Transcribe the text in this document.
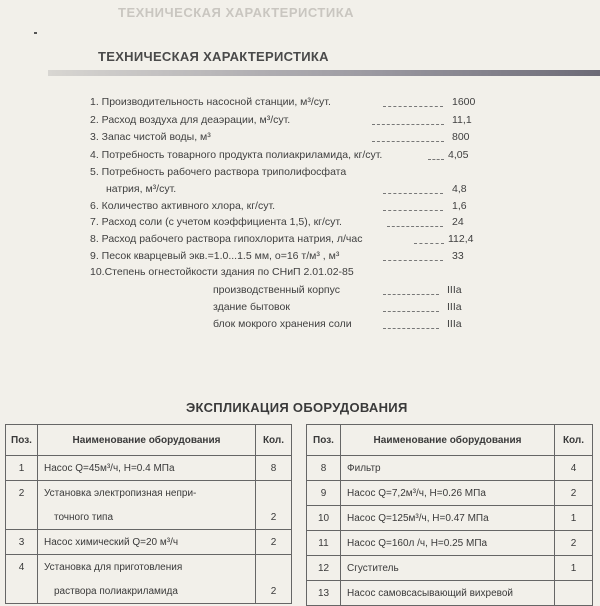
ТЕХНИЧЕСКАЯ ХАРАКТЕРИСТИКА
ТЕХНИЧЕСКАЯ ХАРАКТЕРИСТИКА
1. Производительность насосной станции, м³/сут.	1600
2. Расход воздуха для деаэрации, м³/сут.	11,1
3. Запас чистой воды, м³	800
4. Потребность товарного продукта полиакриламида, кг/сут.	4,05
5. Потребность рабочего раствора триполифосфата
натрия, м³/сут.	4,8
6. Количество активного хлора, кг/сут.	1,6
7. Расход соли (с учетом коэффициента 1,5), кг/сут.	24
8. Расход рабочего раствора гипохлорита натрия, л/час	112,4
9. Песок кварцевый экв.=1.0...1.5 мм, о=16 т/м³ , м³	33
10.Степень огнестойкости здания по СНиП 2.01.02-85
производственный корпус	IIIa
здание бытовок	IIIa
блок мокрого хранения соли	IIIa
ЭКСПЛИКАЦИЯ ОБОРУДОВАНИЯ
Поз.	Наименование оборудования	Кол.
1	Насос Q=45м³/ч, Н=0.4 МПа	8
2	Установка электропизная непри-	
	точного типа	2
3	Насос химический Q=20 м³/ч	2
4	Установка для приготовления	
	раствора полиакриламида	2
Поз.	Наименование оборудования	Кол.
8	Фильтр	4
9	Насос Q=7,2м³/ч, Н=0.26 МПа	2
10	Насос Q=125м³/ч, Н=0.47 МПа	1
11	Насос Q=160л /ч, Н=0.25 МПа	2
12	Сгуститель	1
13	Насос самовсасывающий вихревой	
